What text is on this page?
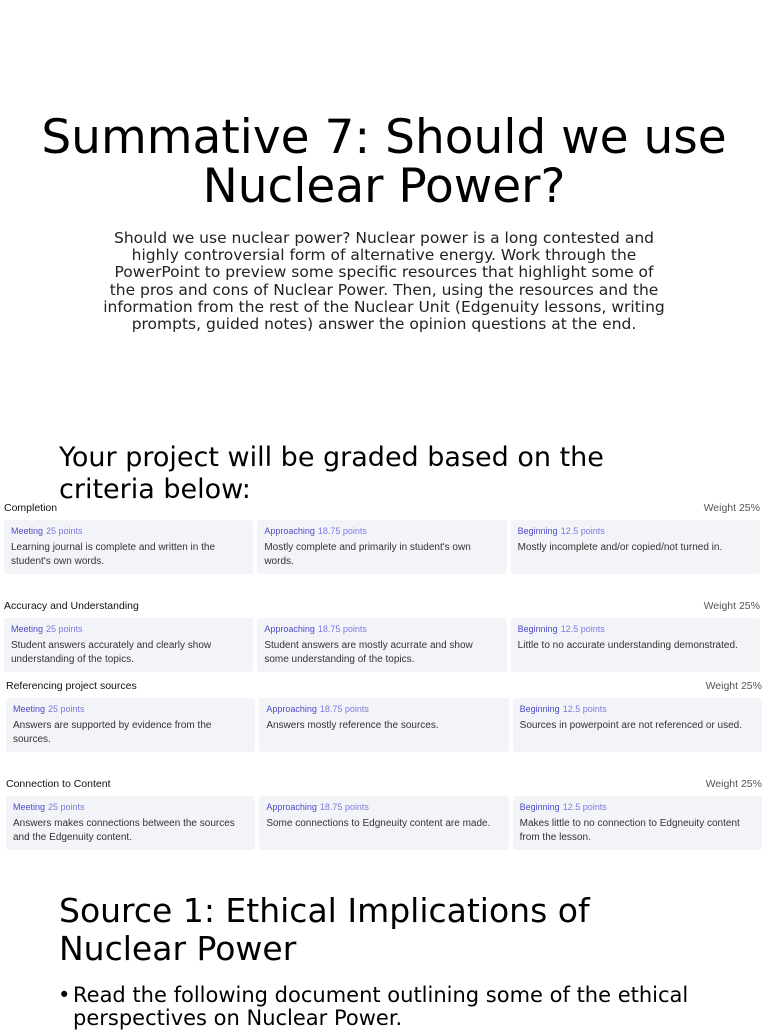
Summative 7: Should we use Nuclear Power?

Should we use nuclear power? Nuclear power is a long contested and highly controversial form of alternative energy. Work through the PowerPoint to preview some specific resources that highlight some of the pros and cons of Nuclear Power. Then, using the resources and the information from the rest of the Nuclear Unit (Edgenuity lessons, writing prompts, guided notes) answer the opinion questions at the end.

Your project will be graded based on the criteria below:
Completion	Weight 25%
Meeting 25 points
Learning journal is complete and written in the student's own words.
Approaching 18.75 points
Mostly complete and primarily in student's own words.
Beginning 12.5 points
Mostly incomplete and/or copied/not turned in.
Accuracy and Understanding	Weight 25%
Meeting 25 points
Student answers accurately and clearly show understanding of the topics.
Approaching 18.75 points
Student answers are mostly acurrate and show some understanding of the topics.
Beginning 12.5 points
Little to no accurate understanding demonstrated.
Referencing project sources	Weight 25%
Meeting 25 points
Answers are supported by evidence from the sources.
Approaching 18.75 points
Answers mostly reference the sources.
Beginning 12.5 points
Sources in powerpoint are not referenced or used.
Connection to Content	Weight 25%
Meeting 25 points
Answers makes connections between the sources and the Edgenuity content.
Approaching 18.75 points
Some connections to Edgneuity content are made.
Beginning 12.5 points
Makes little to no connection to Edgneuity content from the lesson.
Source 1: Ethical Implications of Nuclear Power
• Read the following document outlining some of the ethical perspectives on Nuclear Power.
